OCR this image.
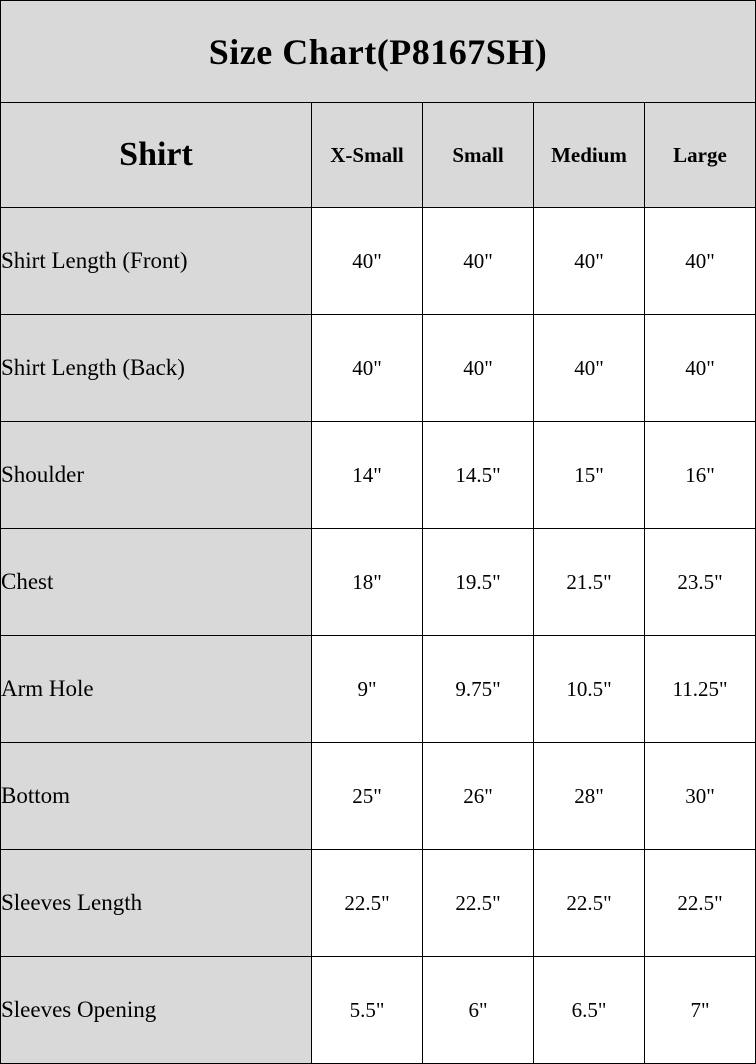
Size Chart(P8167SH)				
Shirt	X-Small	Small	Medium	Large
Shirt Length (Front)	40"	40"	40"	40"
Shirt Length (Back)	40"	40"	40"	40"
Shoulder	14"	14.5"	15"	16"
Chest	18"	19.5"	21.5"	23.5"
Arm Hole	9"	9.75"	10.5"	11.25"
Bottom	25"	26"	28"	30"
Sleeves Length	22.5"	22.5"	22.5"	22.5"
Sleeves Opening	5.5"	6"	6.5"	7"
